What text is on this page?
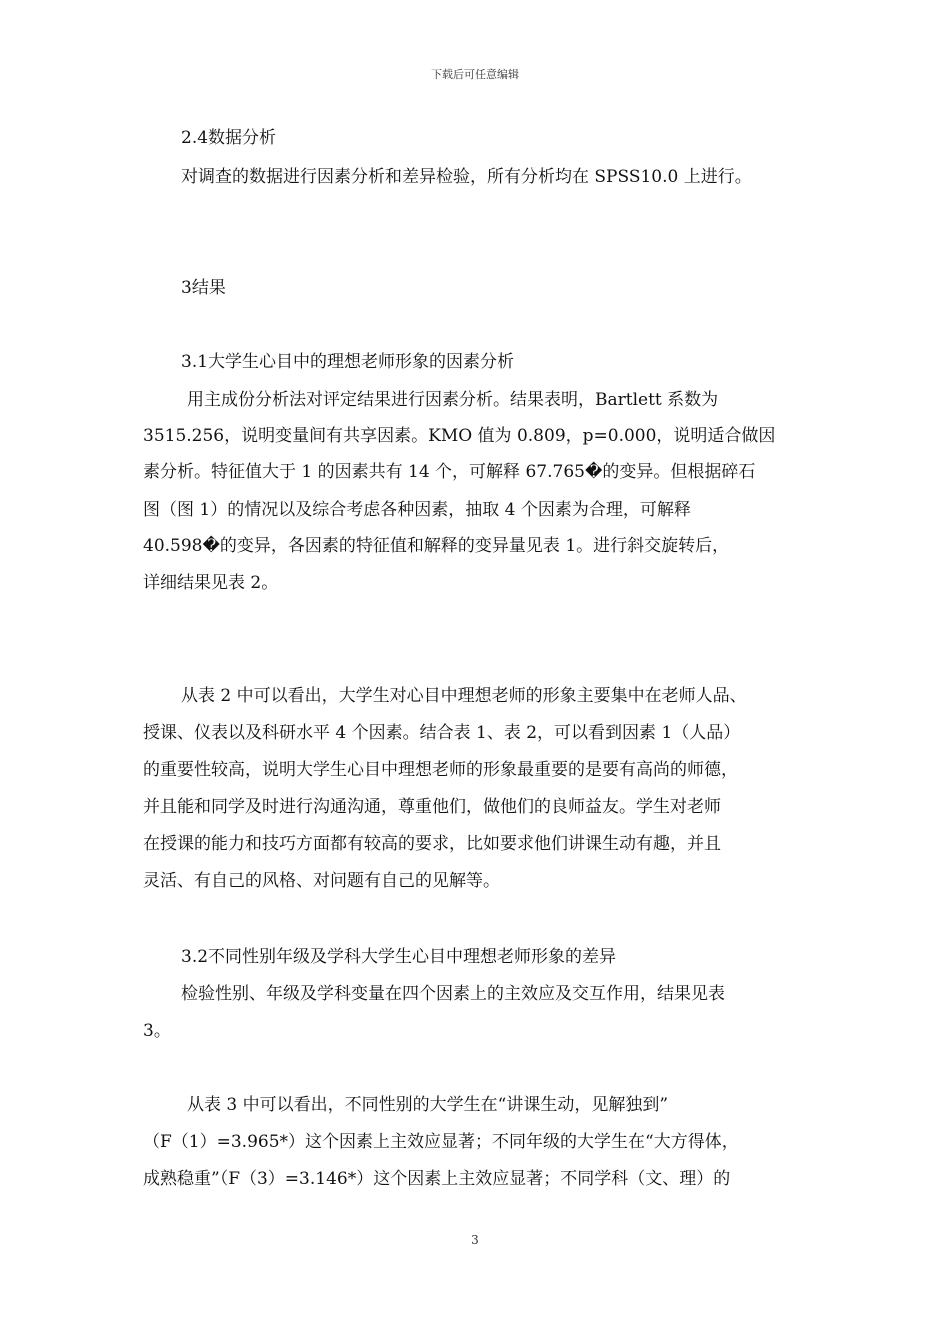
下载后可任意编辑
2.4数据分析
对调查的数据进行因素分析和差异检验，所有分析均在 SPSS10.0 上进行。
3结果
3.1大学生心目中的理想老师形象的因素分析
用主成份分析法对评定结果进行因素分析。结果表明，Bartlett 系数为
3515.256，说明变量间有共享因素。KMO 值为 0.809，p=0.000，说明适合做因
素分析。特征值大于 1 的因素共有 14 个，可解释 67.765�的变异。但根据碎石
图（图 1）的情况以及综合考虑各种因素，抽取 4 个因素为合理，可解释
40.598�的变异，各因素的特征值和解释的变异量见表 1。进行斜交旋转后，
详细结果见表 2。
从表 2 中可以看出，大学生对心目中理想老师的形象主要集中在老师人品、
授课、仪表以及科研水平 4 个因素。结合表 1、表 2，可以看到因素 1（人品）
的重要性较高，说明大学生心目中理想老师的形象最重要的是要有高尚的师德，
并且能和同学及时进行沟通沟通，尊重他们，做他们的良师益友。学生对老师
在授课的能力和技巧方面都有较高的要求，比如要求他们讲课生动有趣，并且
灵活、有自己的风格、对问题有自己的见解等。
3.2不同性别年级及学科大学生心目中理想老师形象的差异
检验性别、年级及学科变量在四个因素上的主效应及交互作用，结果见表
3。
从表 3 中可以看出，不同性别的大学生在“讲课生动，见解独到”
（F（1）=3.965*）这个因素上主效应显著；不同年级的大学生在“大方得体，
成熟稳重”（F（3）=3.146*）这个因素上主效应显著；不同学科（文、理）的
3
